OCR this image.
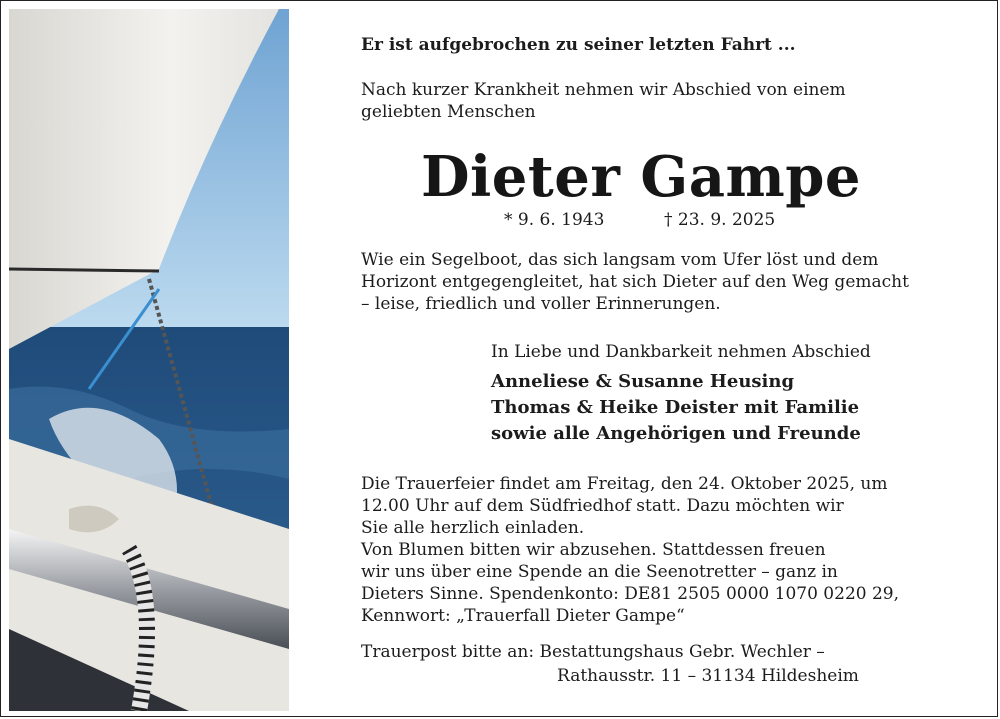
Er ist aufgebrochen zu seiner letzten Fahrt ...

Nach kurzer Krankheit nehmen wir Abschied von einem
geliebten Menschen
Dieter Gampe
* 9. 6. 1943	† 23. 9. 2025
Wie ein Segelboot, das sich langsam vom Ufer löst und dem
Horizont entgegengleitet, hat sich Dieter auf den Weg gemacht
– leise, friedlich und voller Erinnerungen.
In Liebe und Dankbarkeit nehmen Abschied
Anneliese & Susanne Heusing
Thomas & Heike Deister mit Familie
sowie alle Angehörigen und Freunde
Die Trauerfeier findet am Freitag, den 24. Oktober 2025, um
12.00 Uhr auf dem Südfriedhof statt. Dazu möchten wir
Sie alle herzlich einladen.
Von Blumen bitten wir abzusehen. Stattdessen freuen
wir uns über eine Spende an die Seenotretter – ganz in
Dieters Sinne. Spendenkonto: DE81 2505 0000 1070 0220 29,
Kennwort: „Trauerfall Dieter Gampe“
Trauerpost bitte an: Bestattungshaus Gebr. Wechler –
Rathausstr. 11 – 31134 Hildesheim
